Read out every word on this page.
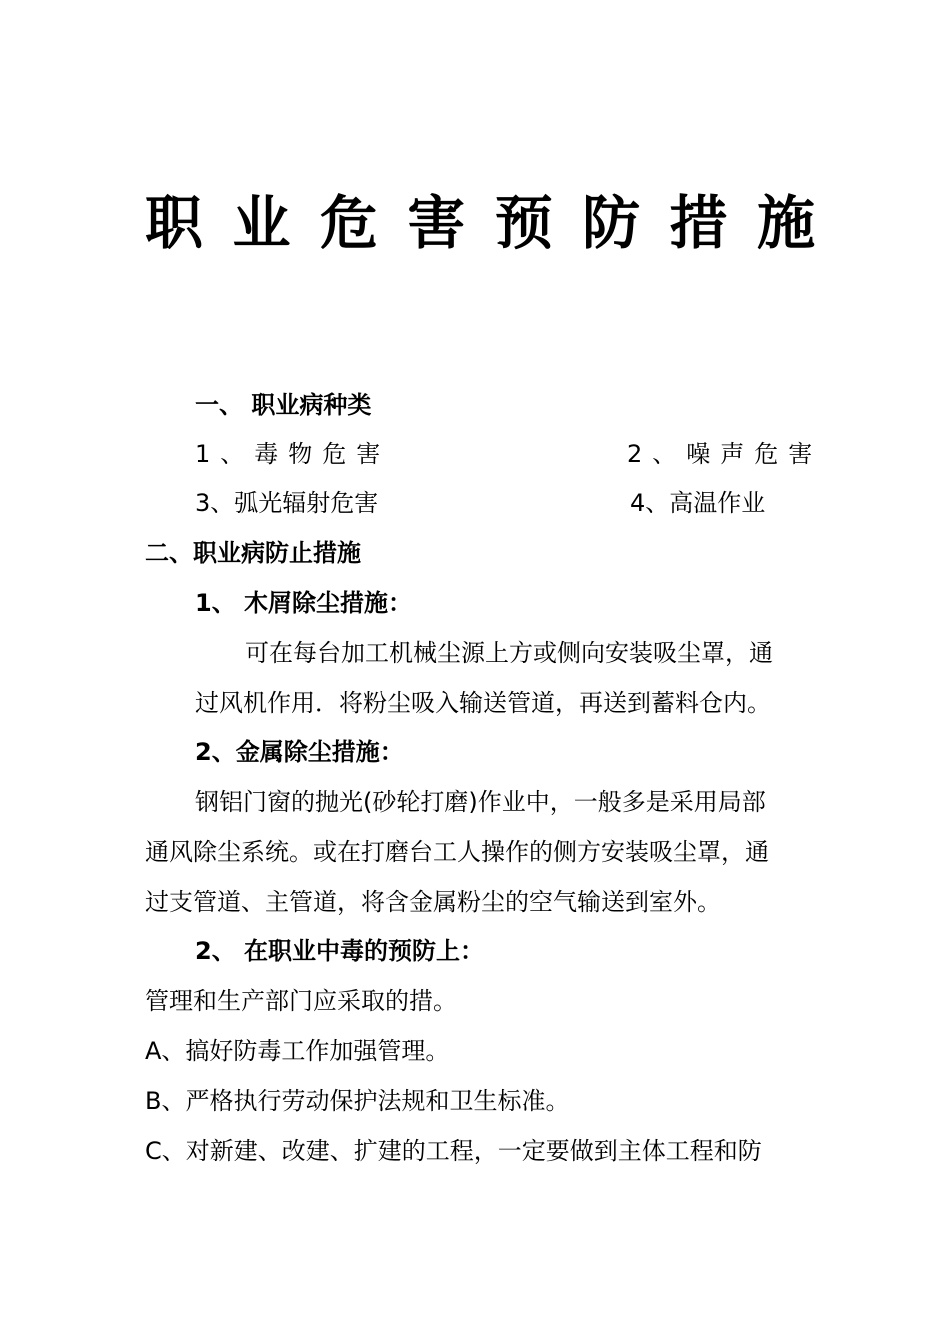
职 业 危 害 预 防 措 施
一、 职业病种类
1、毒物危害	2、噪声危害
3、弧光辐射危害	4、高温作业
二、职业病防止措施
1、 木屑除尘措施：
可在每台加工机械尘源上方或侧向安装吸尘罩，通
过风机作用．将粉尘吸入输送管道，再送到蓄料仓内。
2、金属除尘措施：
钢铝门窗的抛光(砂轮打磨)作业中，一般多是采用局部
通风除尘系统。或在打磨台工人操作的侧方安装吸尘罩，通
过支管道、主管道，将含金属粉尘的空气输送到室外。
2、 在职业中毒的预防上：
管理和生产部门应采取的措。
A、搞好防毒工作加强管理。
B、严格执行劳动保护法规和卫生标准。
C、对新建、改建、扩建的工程，一定要做到主体工程和防
